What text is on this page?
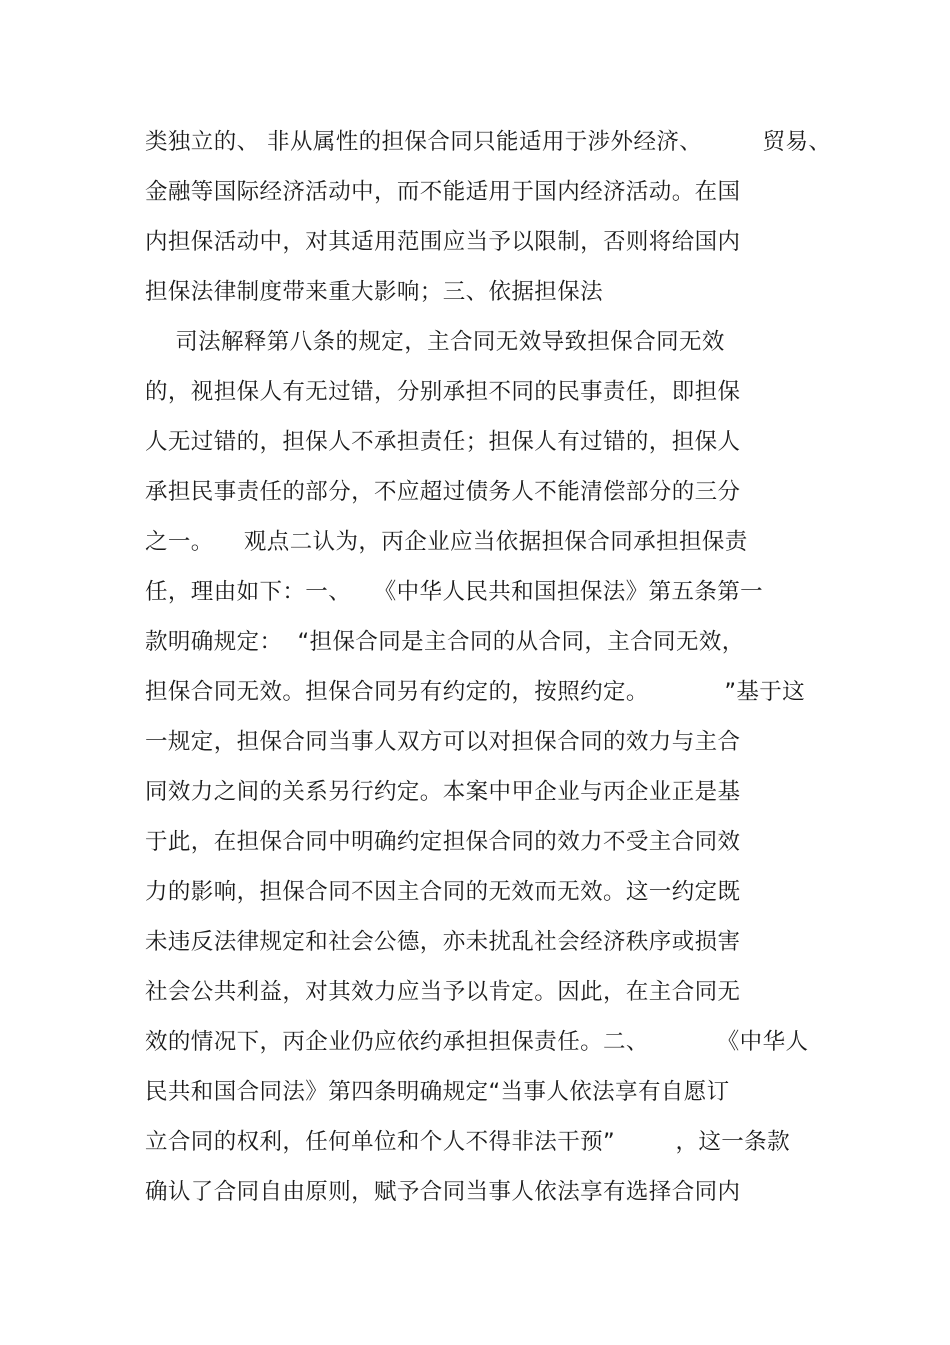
类独立的、 非从属性的担保合同只能适用于涉外经济、        贸易、
金融等国际经济活动中，而不能适用于国内经济活动。在国
内担保活动中，对其适用范围应当予以限制，否则将给国内
担保法律制度带来重大影响；三、依据担保法
司法解释第八条的规定，主合同无效导致担保合同无效
的，视担保人有无过错，分别承担不同的民事责任，即担保
人无过错的，担保人不承担责任；担保人有过错的，担保人
承担民事责任的部分，不应超过债务人不能清偿部分的三分
之一。    观点二认为，丙企业应当依据担保合同承担担保责
任，理由如下：一、   《中华人民共和国担保法》第五条第一
款明确规定：  “担保合同是主合同的从合同，主合同无效，
担保合同无效。担保合同另有约定的，按照约定。          ”基于这
一规定，担保合同当事人双方可以对担保合同的效力与主合
同效力之间的关系另行约定。本案中甲企业与丙企业正是基
于此，在担保合同中明确约定担保合同的效力不受主合同效
力的影响，担保合同不因主合同的无效而无效。这一约定既
未违反法律规定和社会公德，亦未扰乱社会经济秩序或损害
社会公共利益，对其效力应当予以肯定。因此，在主合同无
效的情况下，丙企业仍应依约承担担保责任。二、         《中华人
民共和国合同法》第四条明确规定“当事人依法享有自愿订
立合同的权利，任何单位和个人不得非法干预”        ，这一条款
确认了合同自由原则，赋予合同当事人依法享有选择合同内
